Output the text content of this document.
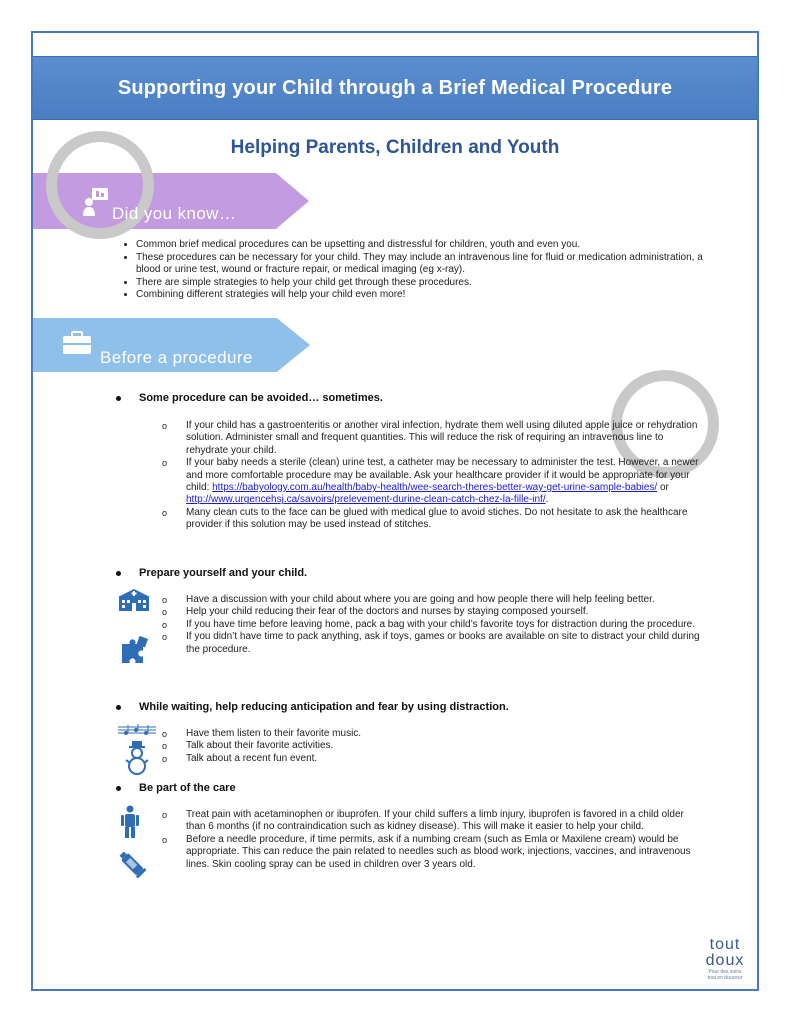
Supporting your Child through a Brief Medical Procedure
Helping Parents, Children and Youth
Did you know…
• Common brief medical procedures can be upsetting and distressful for children, youth and even you.
• These procedures can be necessary for your child. They may include an intravenous line for fluid or medication administration, a blood or urine test, wound or fracture repair, or medical imaging (eg x-ray).
• There are simple strategies to help your child get through these procedures.
• Combining different strategies will help your child even more!
Before a procedure
Some procedure can be avoided… sometimes.
o If your child has a gastroenteritis or another viral infection, hydrate them well using diluted apple juice or rehydration solution. Administer small and frequent quantities. This will reduce the risk of requiring an intravenous line to rehydrate your child.
o If your baby needs a sterile (clean) urine test, a catheter may be necessary to administer the test. However, a newer and more comfortable procedure may be available. Ask your healthcare provider if it would be appropriate for your child: https://babyology.com.au/health/baby-health/wee-search-theres-better-way-get-urine-sample-babies/ or http://www.urgencehsj.ca/savoirs/prelevement-durine-clean-catch-chez-la-fille-inf/.
o Many clean cuts to the face can be glued with medical glue to avoid stiches. Do not hesitate to ask the healthcare provider if this solution may be used instead of stitches.
Prepare yourself and your child.
o Have a discussion with your child about where you are going and how people there will help feeling better.
o Help your child reducing their fear of the doctors and nurses by staying composed yourself.
o If you have time before leaving home, pack a bag with your child’s favorite toys for distraction during the procedure.
o If you didn’t have time to pack anything, ask if toys, games or books are available on site to distract your child during the procedure.
While waiting, help reducing anticipation and fear by using distraction.
o Have them listen to their favorite music.
o Talk about their favorite activities.
o Talk about a recent fun event.
Be part of the care
o Treat pain with acetaminophen or ibuprofen. If your child suffers a limb injury, ibuprofen is favored in a child older than 6 months (if no contraindication such as kidney disease). This will make it easier to help your child.
o Before a needle procedure, if time permits, ask if a numbing cream (such as Emla or Maxilene cream) would be appropriate. This can reduce the pain related to needles such as blood work, injections, vaccines, and intravenous lines. Skin cooling spray can be used in children over 3 years old.
tout
doux
Pour des soins
tout en douceur
